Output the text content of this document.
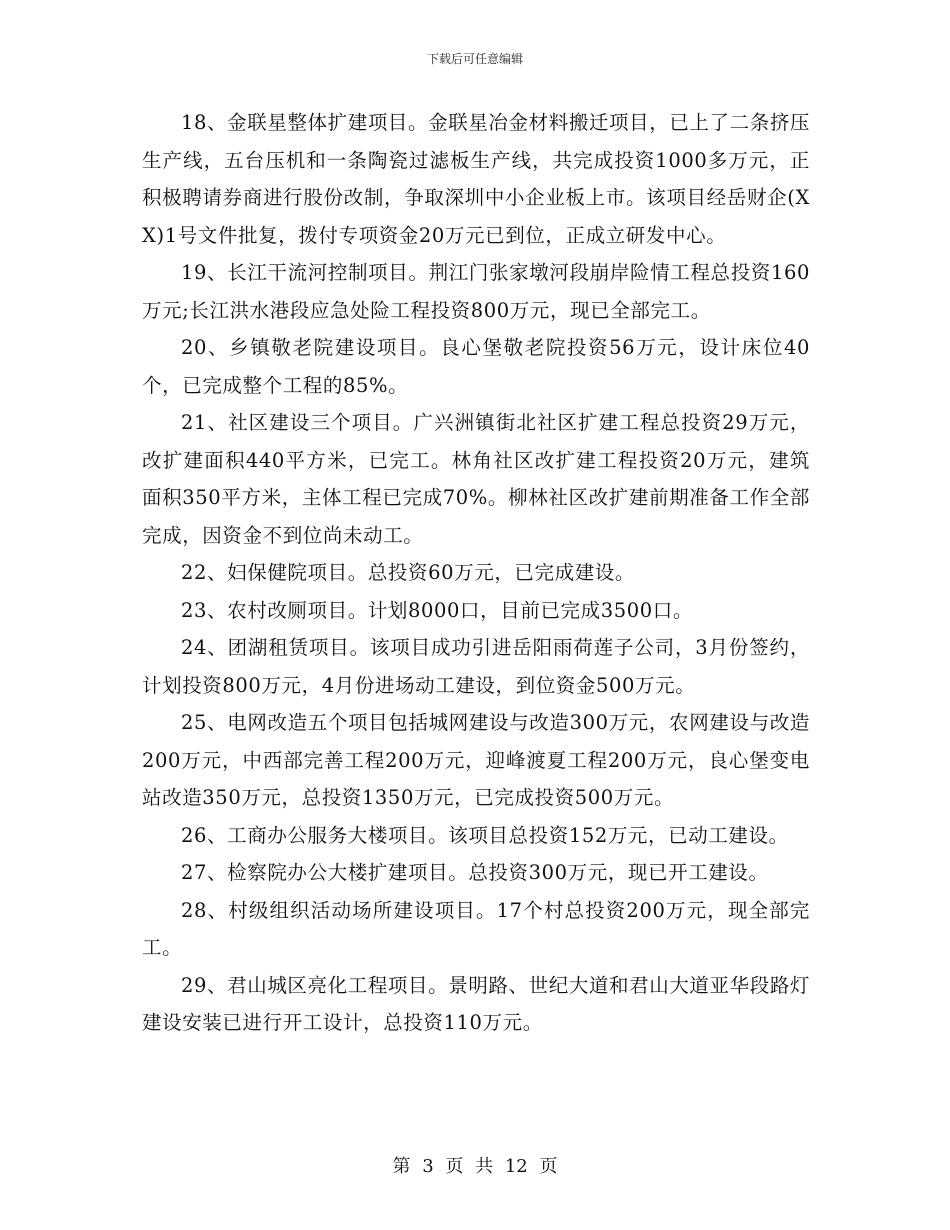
下载后可任意编辑

18、金联星整体扩建项目。金联星冶金材料搬迁项目，已上了二条挤压生产线，五台压机和一条陶瓷过滤板生产线，共完成投资1000多万元，正积极聘请券商进行股份改制，争取深圳中小企业板上市。该项目经岳财企(XX)1号文件批复，拨付专项资金20万元已到位，正成立研发中心。

19、长江干流河控制项目。荆江门张家墩河段崩岸险情工程总投资160万元;长江洪水港段应急处险工程投资800万元，现已全部完工。

20、乡镇敬老院建设项目。良心堡敬老院投资56万元，设计床位40个，已完成整个工程的85%。

21、社区建设三个项目。广兴洲镇街北社区扩建工程总投资29万元，改扩建面积440平方米，已完工。林角社区改扩建工程投资20万元，建筑面积350平方米，主体工程已完成70%。柳林社区改扩建前期准备工作全部完成，因资金不到位尚未动工。

22、妇保健院项目。总投资60万元，已完成建设。

23、农村改厕项目。计划8000口，目前已完成3500口。

24、团湖租赁项目。该项目成功引进岳阳雨荷莲子公司，3月份签约，计划投资800万元，4月份进场动工建设，到位资金500万元。

25、电网改造五个项目包括城网建设与改造300万元，农网建设与改造200万元，中西部完善工程200万元，迎峰渡夏工程200万元，良心堡变电站改造350万元，总投资1350万元，已完成投资500万元。

26、工商办公服务大楼项目。该项目总投资152万元，已动工建设。

27、检察院办公大楼扩建项目。总投资300万元，现已开工建设。

28、村级组织活动场所建设项目。17个村总投资200万元，现全部完工。

29、君山城区亮化工程项目。景明路、世纪大道和君山大道亚华段路灯建设安装已进行开工设计，总投资110万元。

第 3 页 共 12 页
